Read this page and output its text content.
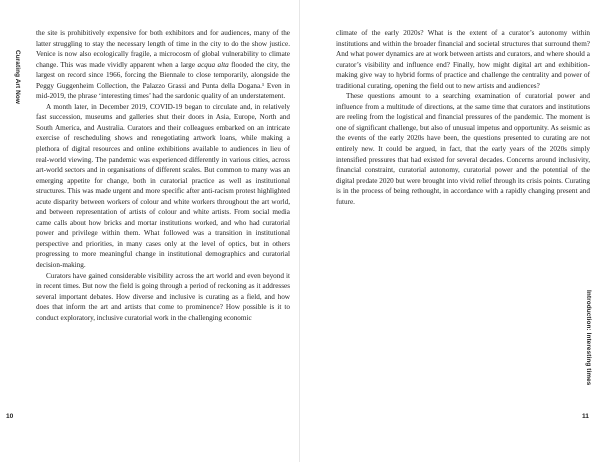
Curating Art Now

the site is prohibitively expensive for both exhibitors and for audiences, many of the latter struggling to stay the necessary length of time in the city to do the show justice. Venice is now also ecologically fragile, a microcosm of global vulnerability to climate change. This was made vividly apparent when a large acqua alta flooded the city, the largest on record since 1966, forcing the Biennale to close temporarily, alongside the Peggy Guggenheim Collection, the Palazzo Grassi and Punta della Dogana.¹ Even in mid-2019, the phrase ‘interesting times’ had the sardonic quality of an understatement.

A month later, in December 2019, COVID-19 began to circulate and, in relatively fast succession, museums and galleries shut their doors in Asia, Europe, North and South America, and Australia. Curators and their colleagues embarked on an intricate exercise of rescheduling shows and renegotiating artwork loans, while making a plethora of digital resources and online exhibitions available to audiences in lieu of real-world viewing. The pandemic was experienced differently in various cities, across art-world sectors and in organisations of different scales. But common to many was an emerging appetite for change, both in curatorial practice as well as institutional structures. This was made urgent and more specific after anti-racism protest highlighted acute disparity between workers of colour and white workers throughout the art world, and between representation of artists of colour and white artists. From social media came calls about how bricks and mortar institutions worked, and who had curatorial power and privilege within them. What followed was a transition in institutional perspective and priorities, in many cases only at the level of optics, but in others progressing to more meaningful change in institutional demographics and curatorial decision-making.

Curators have gained considerable visibility across the art world and even beyond it in recent times. But now the field is going through a period of reckoning as it addresses several important debates. How diverse and inclusive is curating as a field, and how does that inform the art and artists that come to prominence? How possible is it to conduct exploratory, inclusive curatorial work in the challenging economic

10

climate of the early 2020s? What is the extent of a curator’s autonomy within institutions and within the broader financial and societal structures that surround them? And what power dynamics are at work between artists and curators, and where should a curator’s visibility and influence end? Finally, how might digital art and exhibition-making give way to hybrid forms of practice and challenge the centrality and power of traditional curating, opening the field out to new artists and audiences?

These questions amount to a searching examination of curatorial power and influence from a multitude of directions, at the same time that curators and institutions are reeling from the logistical and financial pressures of the pandemic. The moment is one of significant challenge, but also of unusual impetus and opportunity. As seismic as the events of the early 2020s have been, the questions presented to curating are not entirely new. It could be argued, in fact, that the early years of the 2020s simply intensified pressures that had existed for several decades. Concerns around inclusivity, financial constraint, curatorial autonomy, curatorial power and the potential of the digital predate 2020 but were brought into vivid relief through its crisis points. Curating is in the process of being rethought, in accordance with a rapidly changing present and future.

Introduction: Interesting times
11
